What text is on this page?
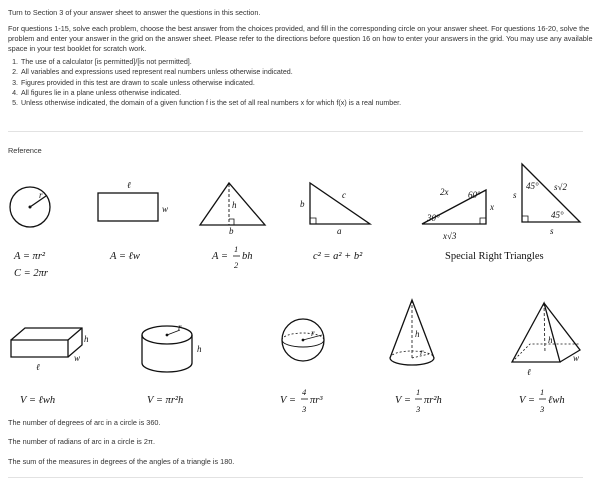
Turn to Section 3 of your answer sheet to answer the questions in this section.

For questions 1-15, solve each problem, choose the best answer from the choices provided, and fill in the corresponding circle on your answer sheet. For questions 16-20, solve the problem and enter your answer in the grid on the answer sheet. Please refer to the directions before question 16 on how to enter your answers in the grid. You may use any available space in your test booklet for scratch work.

1. The use of a calculator [is permitted]/[is not permitted].
2. All variables and expressions used represent real numbers unless otherwise indicated.
3. Figures provided in this test are drawn to scale unless otherwise indicated.
4. All figures lie in a plane unless otherwise indicated.
5. Unless otherwise indicated, the domain of a given function f is the set of all real numbers x for which f(x) is a real number.
Reference
r
ℓ
w	h
b
b
c
a
2x 60°
x
30°
x√3
45° s√2
s
45°
s
h
w
ℓ
r
h
r	h
r
h
w
ℓ
A = πr²
C = 2πr
A = ℓw	A =
1
2
bh	c² = a² + b²
V = ℓwh	V = πr²h	V =
4
3
πr³	V =
1
3
πr²h	V =
1
3
ℓwh
Special Right Triangles
The number of degrees of arc in a circle is 360.
The number of radians of arc in a circle is 2π.
The sum of the measures in degrees of the angles of a triangle is 180.
